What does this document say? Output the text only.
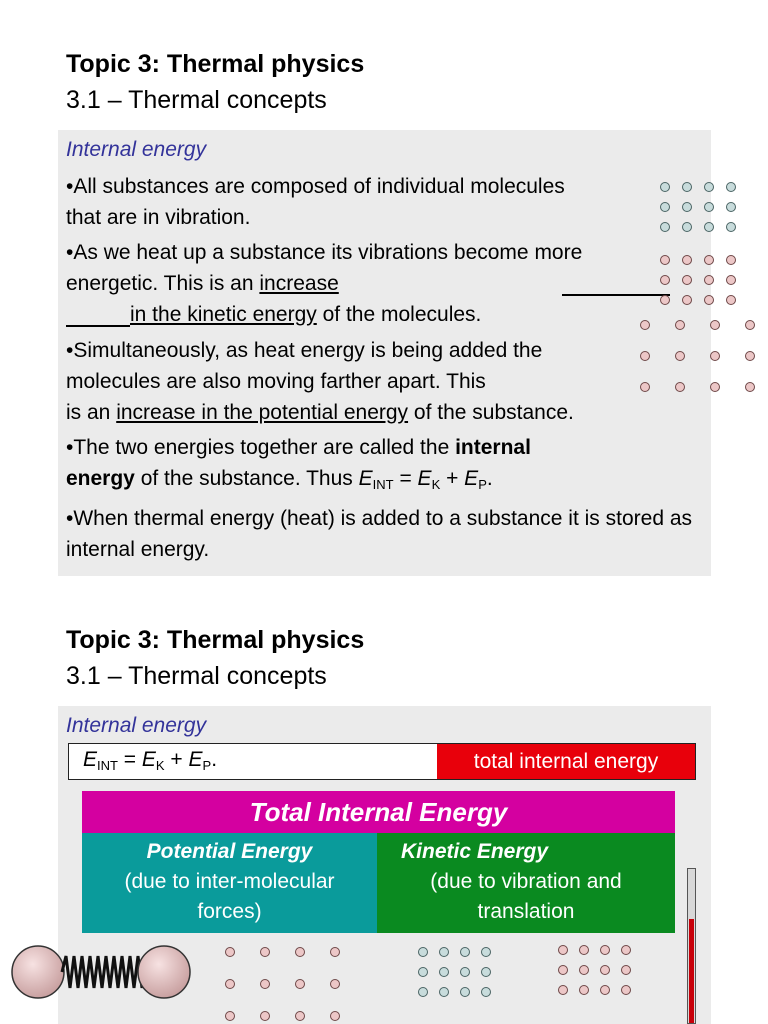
Topic 3: Thermal physics
3.1 – Thermal concepts
Internal energy
•All substances are composed of individual molecules that are in vibration.
•As we heat up a substance its vibrations become more energetic. This is an increase
in the kinetic energy of the molecules.
•Simultaneously, as heat energy is being added the molecules are also moving farther apart. This
is an increase in the potential energy of the substance.
•The two energies together are called the internal
energy of the substance. Thus $E_{INT} = E_K + E_P$.
•When thermal energy (heat) is added to a substance it is stored as internal energy.
Topic 3: Thermal physics
3.1 – Thermal concepts
Internal energy
$E_{INT} = E_K + E_P$.	total internal energy
Total Internal Energy
Potential Energy
(due to inter-molecular forces)
Kinetic Energy
(due to vibration and translation
